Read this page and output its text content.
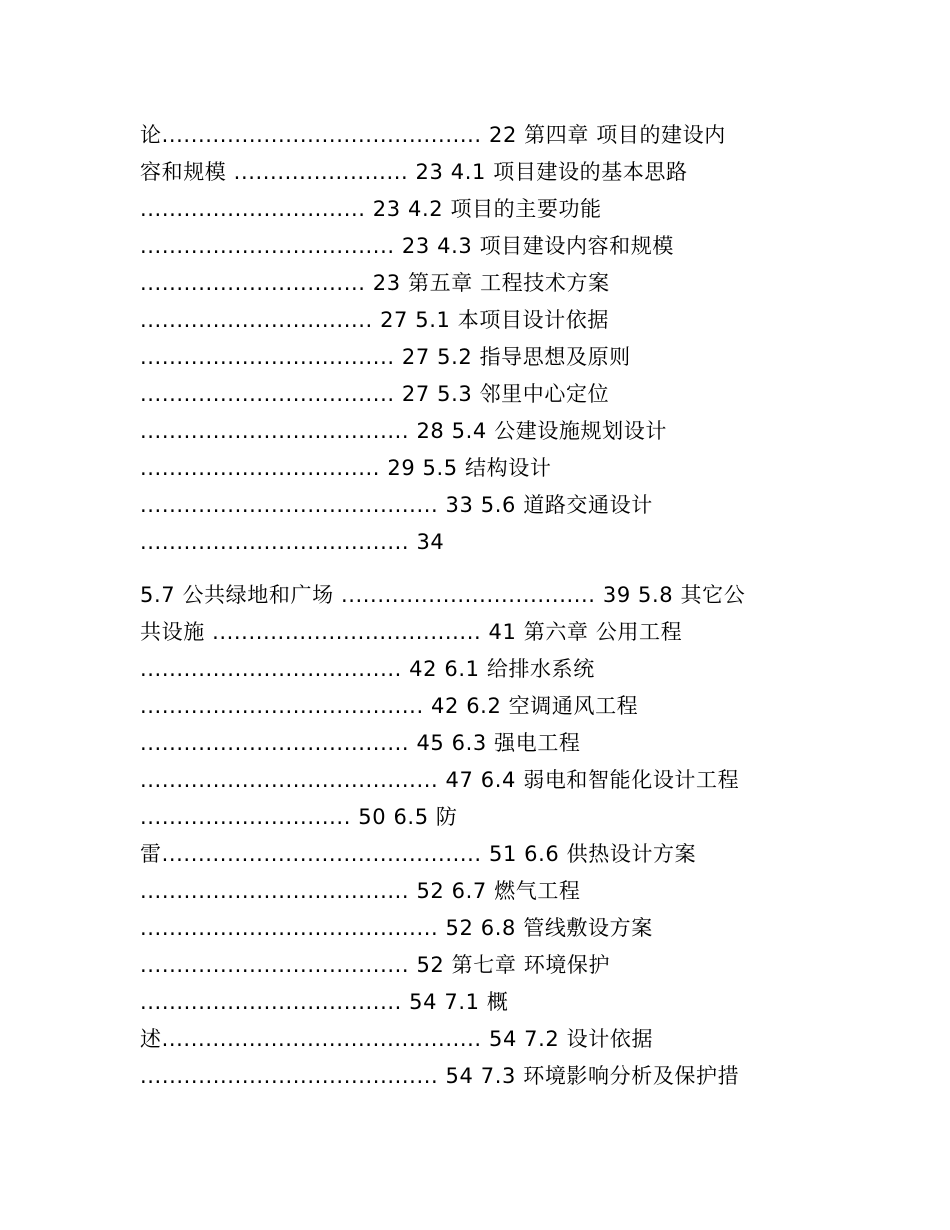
论............................................ 22 第四章 项目的建设内
容和规模 ........................ 23 4.1 项目建设的基本思路
............................... 23 4.2 项目的主要功能
................................... 23 4.3 项目建设内容和规模
............................... 23 第五章 工程技术方案
................................ 27 5.1 本项目设计依据
................................... 27 5.2 指导思想及原则
................................... 27 5.3 邻里中心定位
..................................... 28 5.4 公建设施规划设计
................................. 29 5.5 结构设计
......................................... 33 5.6 道路交通设计
..................................... 34
5.7 公共绿地和广场 ................................... 39 5.8 其它公
共设施 ..................................... 41 第六章 公用工程
.................................... 42 6.1 给排水系统
....................................... 42 6.2 空调通风工程
..................................... 45 6.3 强电工程
......................................... 47 6.4 弱电和智能化设计工程
............................. 50 6.5 防
雷............................................ 51 6.6 供热设计方案
..................................... 52 6.7 燃气工程
......................................... 52 6.8 管线敷设方案
..................................... 52 第七章 环境保护
.................................... 54 7.1 概
述............................................ 54 7.2 设计依据
......................................... 54 7.3 环境影响分析及保护措
